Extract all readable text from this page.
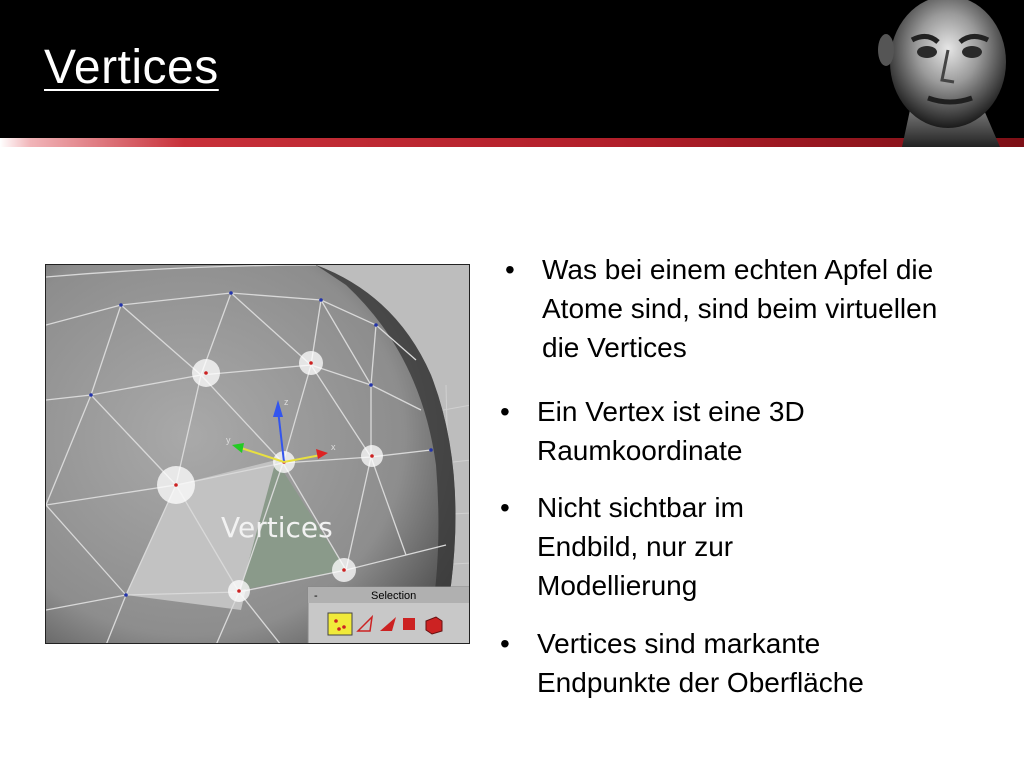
Vertices
x
y
z
Vertices
-	Selection
• Was bei einem echten Apfel die Atome sind, sind beim virtuellen die Vertices
• Ein Vertex ist eine 3D Raumkoordinate
• Nicht sichtbar im Endbild, nur zur Modellierung
• Vertices sind markante Endpunkte der Oberfläche
